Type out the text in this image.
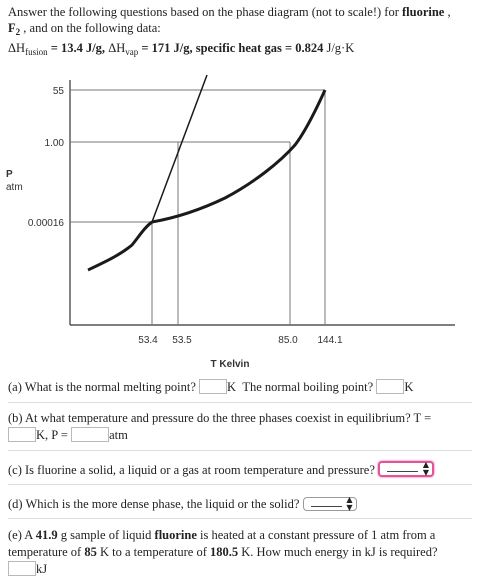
Answer the following questions based on the phase diagram (not to scale!) for fluorine ,
$F_2$ , and on the following data:
$\Delta H_{fusion} = 13.4$ J/g, $\Delta H_{vap} = 171$ J/g, specific heat gas = 0.824 J/g·K
55
1.00
0.00016
P
atm
53.4 53.5	85.0 144.1
T Kelvin
(a) What is the normal melting point? K The normal boiling point? K
(b) At what temperature and pressure do the three phases coexist in equilibrium? T =
K, P =	atm
(c) Is fluorine a solid, a liquid or a gas at room temperature and pressure?	▲
▼
(d) Which is the more dense phase, the liquid or the solid?	▲
▼
(e) A 41.9 g sample of liquid fluorine is heated at a constant pressure of 1 atm from a temperature of 85 K to a temperature of 180.5 K. How much energy in kJ is required?
kJ
